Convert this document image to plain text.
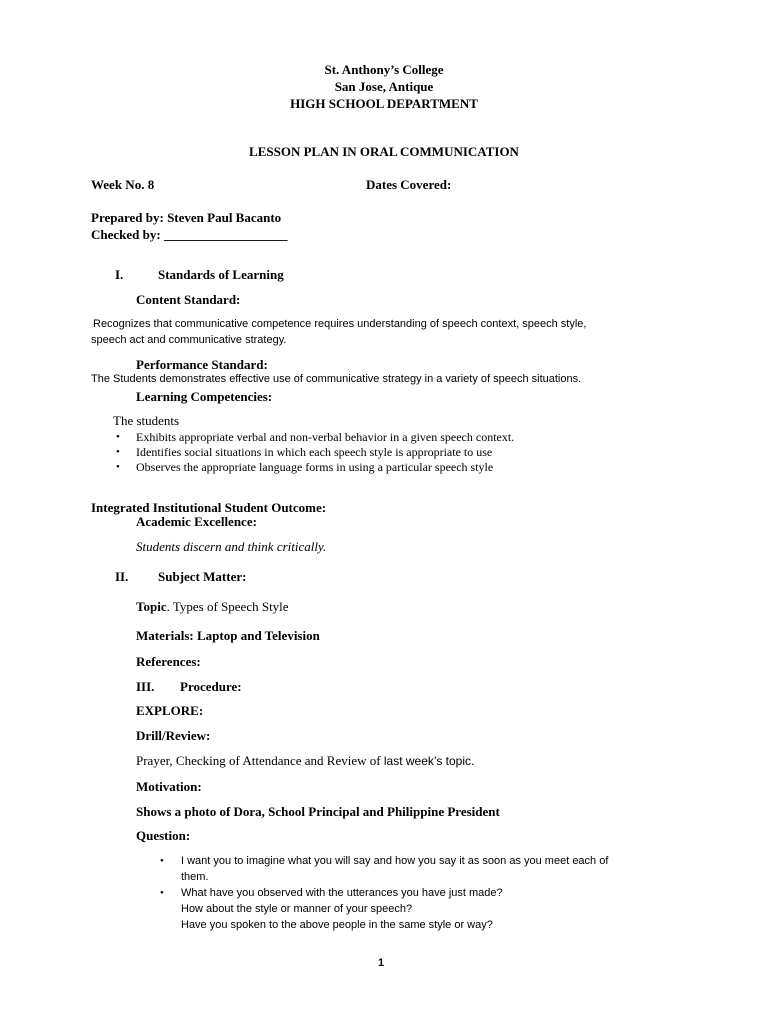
St. Anthony’s College
San Jose, Antique
HIGH SCHOOL DEPARTMENT
LESSON PLAN IN ORAL COMMUNICATION
Week No. 8	Dates Covered:
Prepared by: Steven Paul Bacanto
Checked by: ___________________
I.	Standards of Learning
Content Standard:
Recognizes that communicative competence requires understanding of speech context, speech style,
speech act and communicative strategy.
Performance Standard:
The Students demonstrates effective use of communicative strategy in a variety of speech situations.
Learning Competencies:
The students
• Exhibits appropriate verbal and non-verbal behavior in a given speech context.
• Identifies social situations in which each speech style is appropriate to use
• Observes the appropriate language forms in using a particular speech style
Integrated Institutional Student Outcome:
Academic Excellence:
Students discern and think critically.
II. Subject Matter:
Topic. Types of Speech Style
Materials: Laptop and Television
References:
III. Procedure:
EXPLORE:
Drill/Review:
Prayer, Checking of Attendance and Review of last week’s topic.
Motivation:
Shows a photo of Dora, School Principal and Philippine President
Question:
• I want you to imagine what you will say and how you say it as soon as you meet each of
them.
• What have you observed with the utterances you have just made?
How about the style or manner of your speech?
Have you spoken to the above people in the same style or way?
1
